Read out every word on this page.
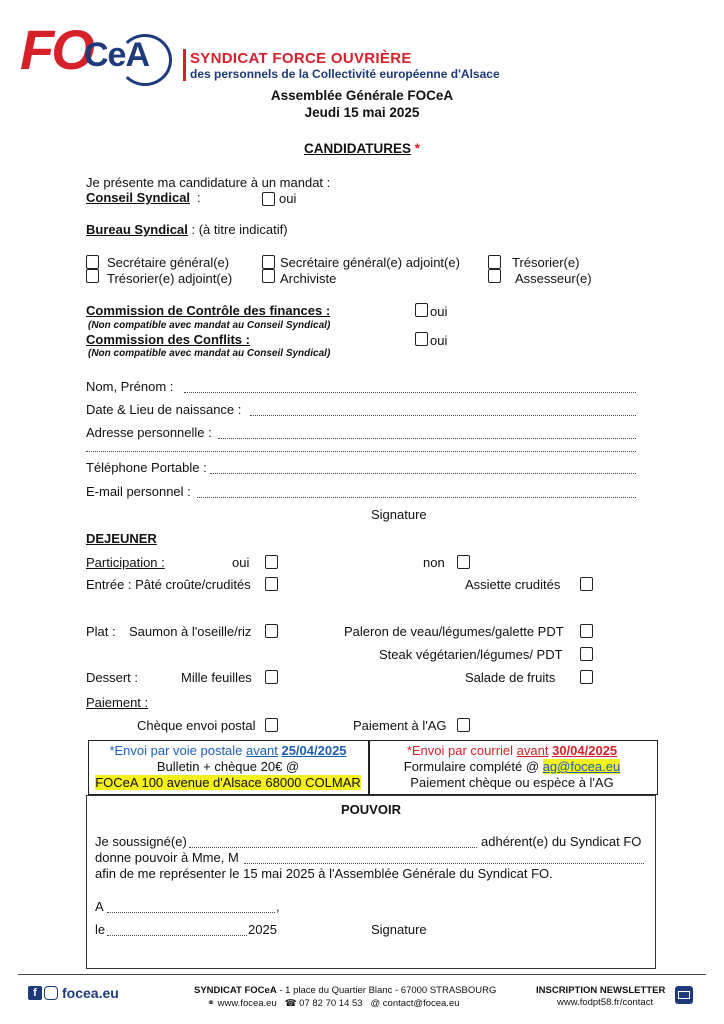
FO
CeA	SYNDICAT FORCE OUVRIÈRE
des personnels de la Collectivité européenne d'Alsace
Assemblée Générale FOCeA
Jeudi 15 mai 2025
CANDIDATURES *
Je présente ma candidature à un mandat :
Conseil Syndical :	oui
Bureau Syndical : (à titre indicatif)
Secrétaire général(e)	Secrétaire général(e) adjoint(e)	Trésorier(e)
Trésorier(e) adjoint(e)	Archiviste	Assesseur(e)
Commission de Contrôle des finances :	oui
(Non compatible avec mandat au Conseil Syndical)
Commission des Conflits :	oui
(Non compatible avec mandat au Conseil Syndical)
Nom, Prénom :
Date & Lieu de naissance :
Adresse personnelle :
Téléphone Portable :
E-mail personnel :
Signature
DEJEUNER
Participation :	oui	non
Entrée : Pâté croûte/crudités	Assiette crudités
Plat : Saumon à l'oseille/riz	Paleron de veau/légumes/galette PDT
Steak végétarien/légumes/ PDT
Dessert :	Mille feuilles	Salade de fruits
Paiement :
Chèque envoi postal	Paiement à l'AG
*Envoi par voie postale avant 25/04/2025
Bulletin + chèque 20€ @
FOCeA 100 avenue d'Alsace 68000 COLMAR
*Envoi par courriel avant 30/04/2025
Formulaire complété @ ag@focea.eu
Paiement chèque ou espèce à l'AG
POUVOIR
Je soussigné(e)	adhérent(e) du Syndicat FO
donne pouvoir à Mme, M
afin de me représenter le 15 mai 2025 à l'Assemblée Générale du Syndicat FO.
A	,
le	2025	Signature
f	focea.eu	SYNDICAT FOCeA - 1 place du Quartier Blanc - 67000 STRASBOURG
⚭ www.focea.eu ☎ 07 82 70 14 53 @ contact@focea.eu
INSCRIPTION NEWSLETTER
www.fodpt58.fr/contact
